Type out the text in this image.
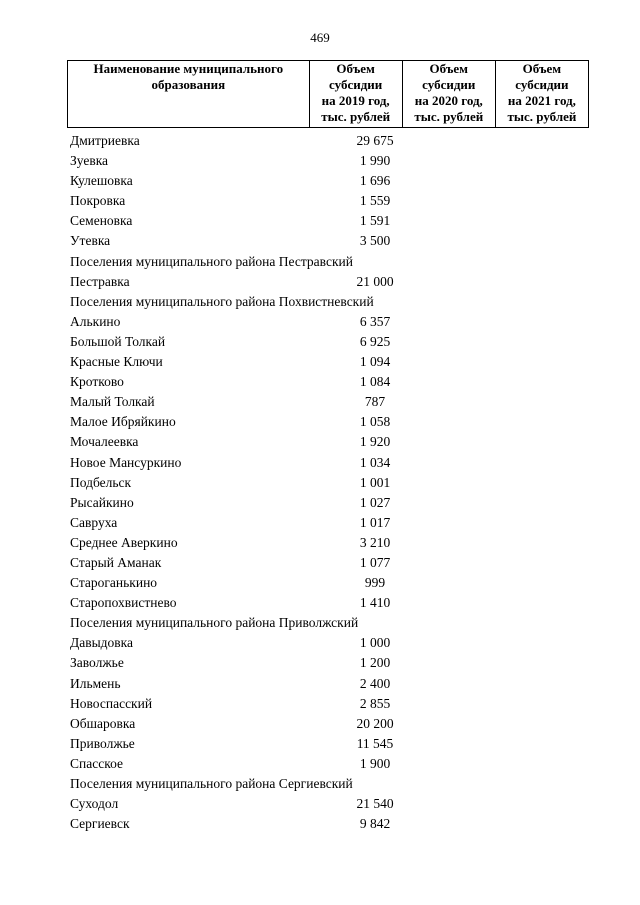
469
Наименование муниципального образования	
Объем
субсидии
на 2019 год,
тыс. рублей

Объем
субсидии
на 2020 год,
тыс. рублей

Объем
субсидии
на 2021 год,
тыс. рублей
Дмитриевка	29 675
Зуевка	1 990
Кулешовка	1 696
Покровка	1 559
Семеновка	1 591
Утевка	3 500
Поселения муниципального района Пестравский
Пестравка	21 000
Поселения муниципального района Похвистневский
Алькино	6 357
Большой Толкай	6 925
Красные Ключи	1 094
Кротково	1 084
Малый Толкай	787
Малое Ибряйкино	1 058
Мочалеевка	1 920
Новое Мансуркино	1 034
Подбельск	1 001
Рысайкино	1 027
Савруха	1 017
Среднее Аверкино	3 210
Старый Аманак	1 077
Староганькино	999
Старопохвистнево	1 410
Поселения муниципального района Приволжский
Давыдовка	1 000
Заволжье	1 200
Ильмень	2 400
Новоспасский	2 855
Обшаровка	20 200
Приволжье	11 545
Спасское	1 900
Поселения муниципального района Сергиевский
Суходол	21 540
Сергиевск	9 842
